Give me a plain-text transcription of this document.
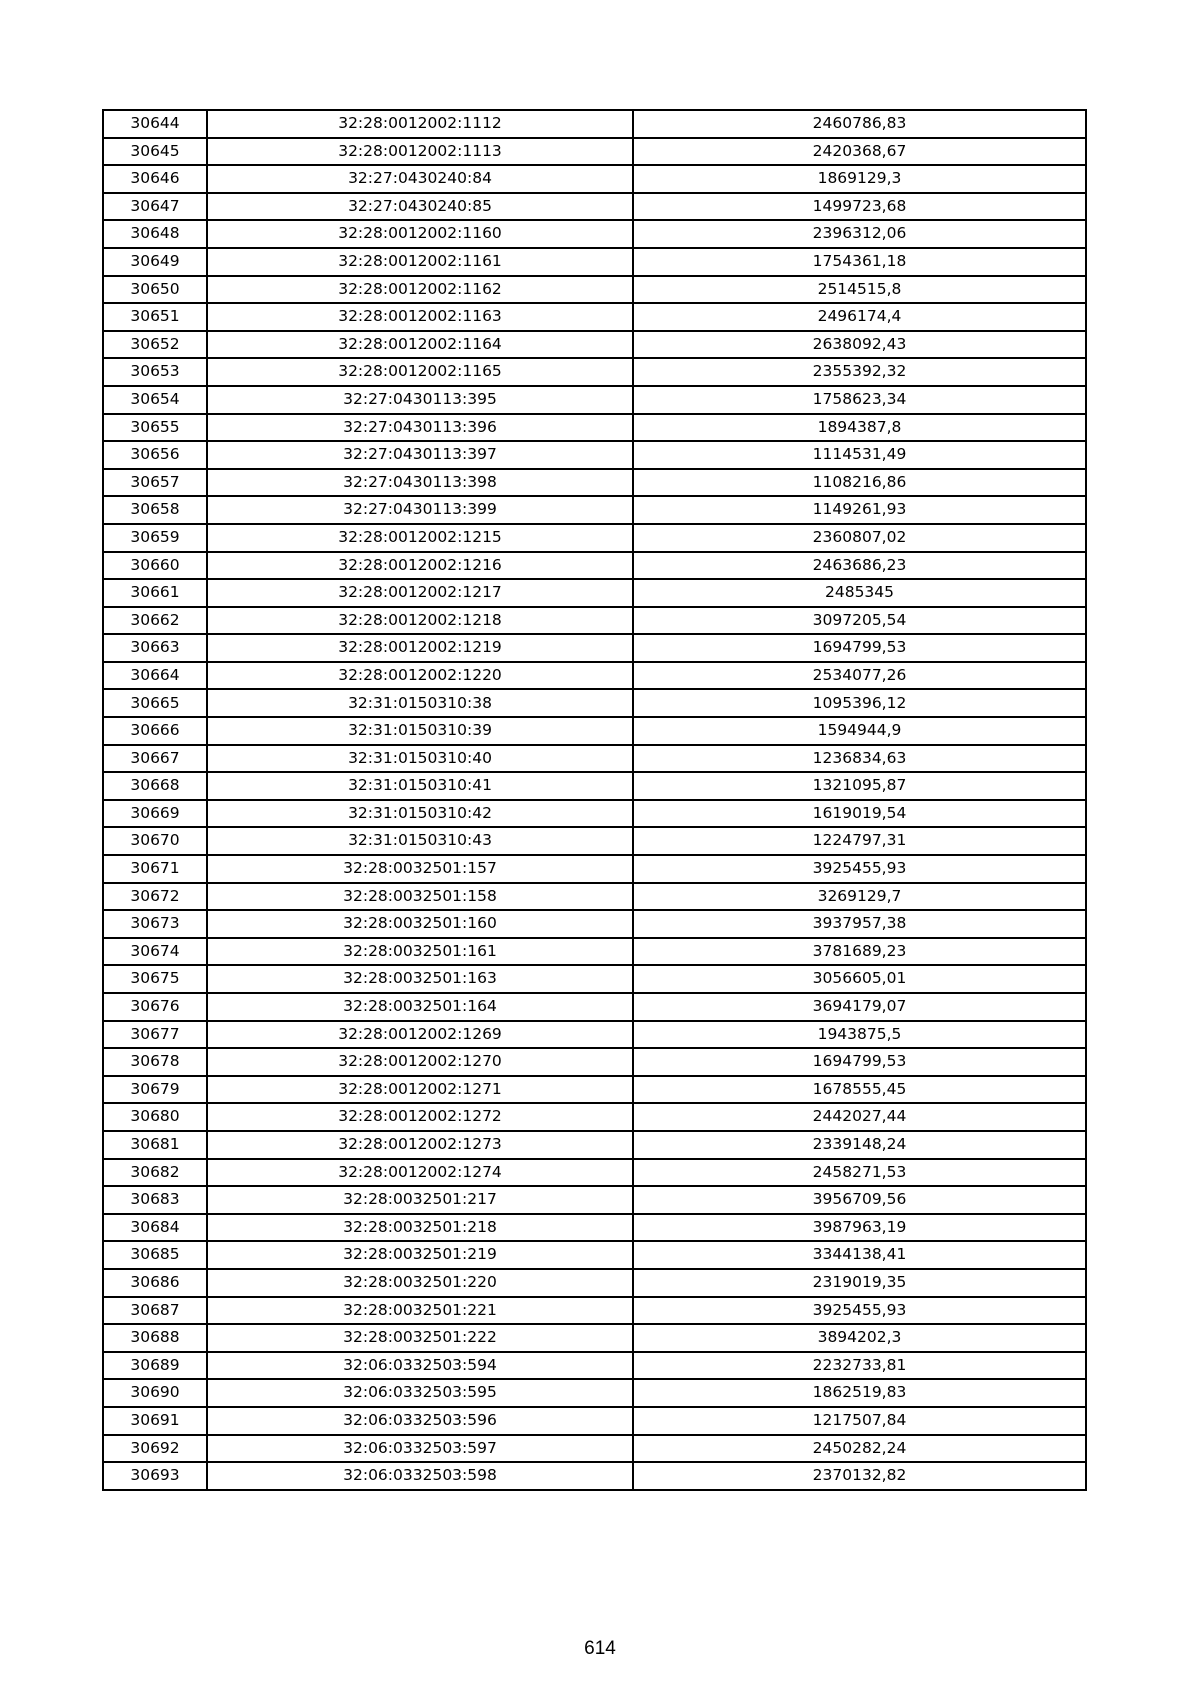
30644	32:28:0012002:1112	2460786,83
30645	32:28:0012002:1113	2420368,67
30646	32:27:0430240:84	1869129,3
30647	32:27:0430240:85	1499723,68
30648	32:28:0012002:1160	2396312,06
30649	32:28:0012002:1161	1754361,18
30650	32:28:0012002:1162	2514515,8
30651	32:28:0012002:1163	2496174,4
30652	32:28:0012002:1164	2638092,43
30653	32:28:0012002:1165	2355392,32
30654	32:27:0430113:395	1758623,34
30655	32:27:0430113:396	1894387,8
30656	32:27:0430113:397	1114531,49
30657	32:27:0430113:398	1108216,86
30658	32:27:0430113:399	1149261,93
30659	32:28:0012002:1215	2360807,02
30660	32:28:0012002:1216	2463686,23
30661	32:28:0012002:1217	2485345
30662	32:28:0012002:1218	3097205,54
30663	32:28:0012002:1219	1694799,53
30664	32:28:0012002:1220	2534077,26
30665	32:31:0150310:38	1095396,12
30666	32:31:0150310:39	1594944,9
30667	32:31:0150310:40	1236834,63
30668	32:31:0150310:41	1321095,87
30669	32:31:0150310:42	1619019,54
30670	32:31:0150310:43	1224797,31
30671	32:28:0032501:157	3925455,93
30672	32:28:0032501:158	3269129,7
30673	32:28:0032501:160	3937957,38
30674	32:28:0032501:161	3781689,23
30675	32:28:0032501:163	3056605,01
30676	32:28:0032501:164	3694179,07
30677	32:28:0012002:1269	1943875,5
30678	32:28:0012002:1270	1694799,53
30679	32:28:0012002:1271	1678555,45
30680	32:28:0012002:1272	2442027,44
30681	32:28:0012002:1273	2339148,24
30682	32:28:0012002:1274	2458271,53
30683	32:28:0032501:217	3956709,56
30684	32:28:0032501:218	3987963,19
30685	32:28:0032501:219	3344138,41
30686	32:28:0032501:220	2319019,35
30687	32:28:0032501:221	3925455,93
30688	32:28:0032501:222	3894202,3
30689	32:06:0332503:594	2232733,81
30690	32:06:0332503:595	1862519,83
30691	32:06:0332503:596	1217507,84
30692	32:06:0332503:597	2450282,24
30693	32:06:0332503:598	2370132,82
614
